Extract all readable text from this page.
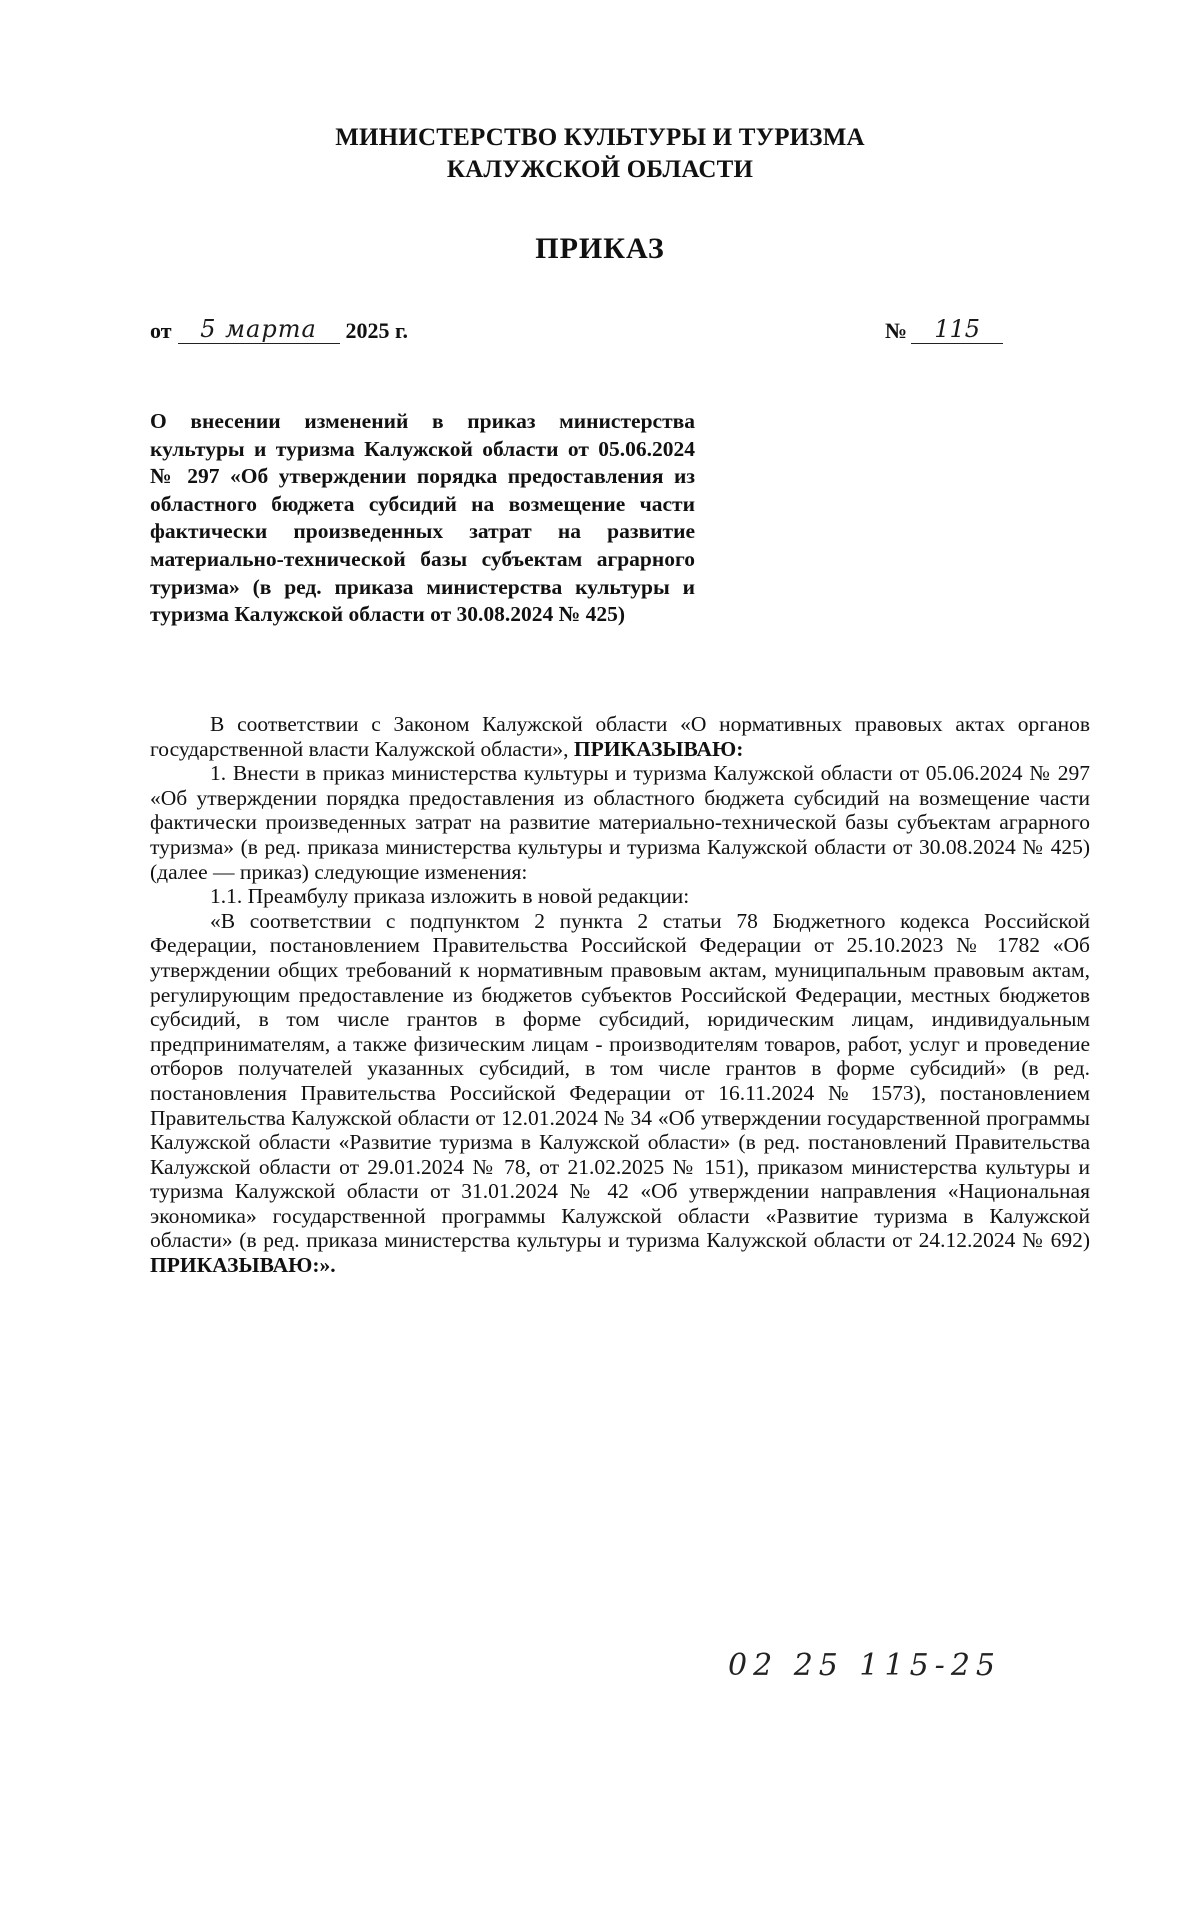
МИНИСТЕРСТВО КУЛЬТУРЫ И ТУРИЗМА
КАЛУЖСКОЙ ОБЛАСТИ
ПРИКАЗ
от	5 марта	2025 г.	№	115
О внесении изменений в приказ министерства культуры и туризма Калужской области от 05.06.2024 № 297 «Об утверждении порядка предоставления из областного бюджета субсидий на возмещение части фактически произведенных затрат на развитие материально-технической базы субъектам аграрного туризма» (в ред. приказа министерства культуры и туризма Калужской области от 30.08.2024 № 425)

В соответствии с Законом Калужской области «О нормативных правовых актах органов государственной власти Калужской области», ПРИКАЗЫВАЮ:

1. Внести в приказ министерства культуры и туризма Калужской области от 05.06.2024 № 297 «Об утверждении порядка предоставления из областного бюджета субсидий на возмещение части фактически произведенных затрат на развитие материально-технической базы субъектам аграрного туризма» (в ред. приказа министерства культуры и туризма Калужской области от 30.08.2024 № 425) (далее — приказ) следующие изменения:

1.1. Преамбулу приказа изложить в новой редакции:

«В соответствии с подпунктом 2 пункта 2 статьи 78 Бюджетного кодекса Российской Федерации, постановлением Правительства Российской Федерации от 25.10.2023 № 1782 «Об утверждении общих требований к нормативным правовым актам, муниципальным правовым актам, регулирующим предоставление из бюджетов субъектов Российской Федерации, местных бюджетов субсидий, в том числе грантов в форме субсидий, юридическим лицам, индивидуальным предпринимателям, а также физическим лицам - производителям товаров, работ, услуг и проведение отборов получателей указанных субсидий, в том числе грантов в форме субсидий» (в ред. постановления Правительства Российской Федерации от 16.11.2024 № 1573), постановлением Правительства Калужской области от 12.01.2024 № 34 «Об утверждении государственной программы Калужской области «Развитие туризма в Калужской области» (в ред. постановлений Правительства Калужской области от 29.01.2024 № 78, от 21.02.2025 № 151), приказом министерства культуры и туризма Калужской области от 31.01.2024 № 42 «Об утверждении направления «Национальная экономика» государственной программы Калужской области «Развитие туризма в Калужской области» (в ред. приказа министерства культуры и туризма Калужской области от 24.12.2024 № 692) ПРИКАЗЫВАЮ:».

02 25 115-25
